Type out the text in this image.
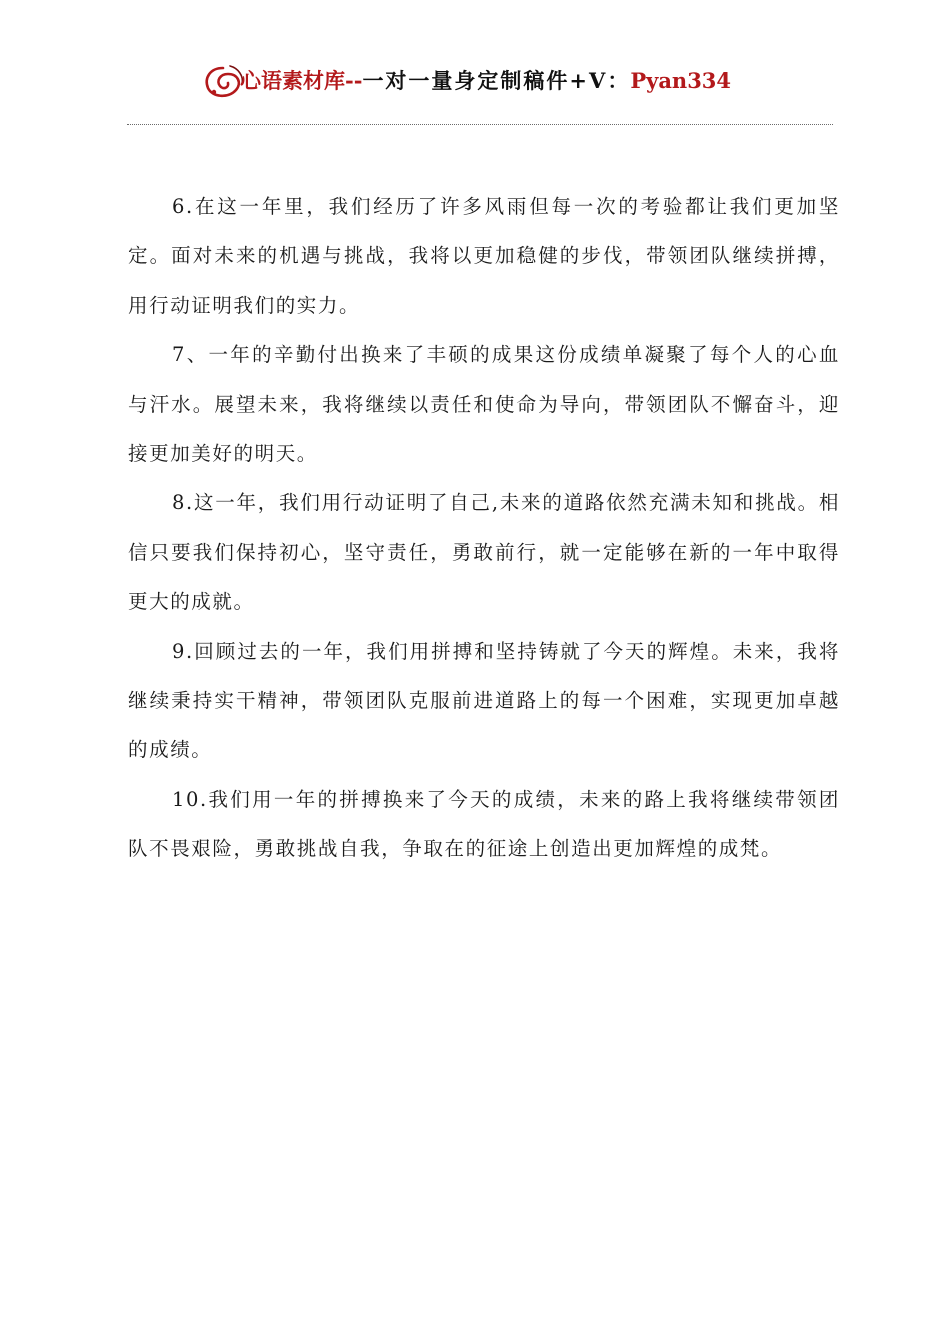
心语素材库--一对一量身定制稿件+V：Pyan334

6.在这一年里，我们经历了许多风雨但每一次的考验都让我们更加坚定。面对未来的机遇与挑战，我将以更加稳健的步伐，带领团队继续拼搏，用行动证明我们的实力。

7、一年的辛勤付出换来了丰硕的成果这份成绩单凝聚了每个人的心血与汗水。展望未来，我将继续以责任和使命为导向，带领团队不懈奋斗，迎接更加美好的明天。

8.这一年，我们用行动证明了自己,未来的道路依然充满未知和挑战。相信只要我们保持初心，坚守责任，勇敢前行，就一定能够在新的一年中取得更大的成就。

9.回顾过去的一年，我们用拼搏和坚持铸就了今天的辉煌。未来，我将继续秉持实干精神，带领团队克服前进道路上的每一个困难，实现更加卓越的成绩。

10.我们用一年的拼搏换来了今天的成绩，未来的路上我将继续带领团队不畏艰险，勇敢挑战自我，争取在的征途上创造出更加辉煌的成梵。
